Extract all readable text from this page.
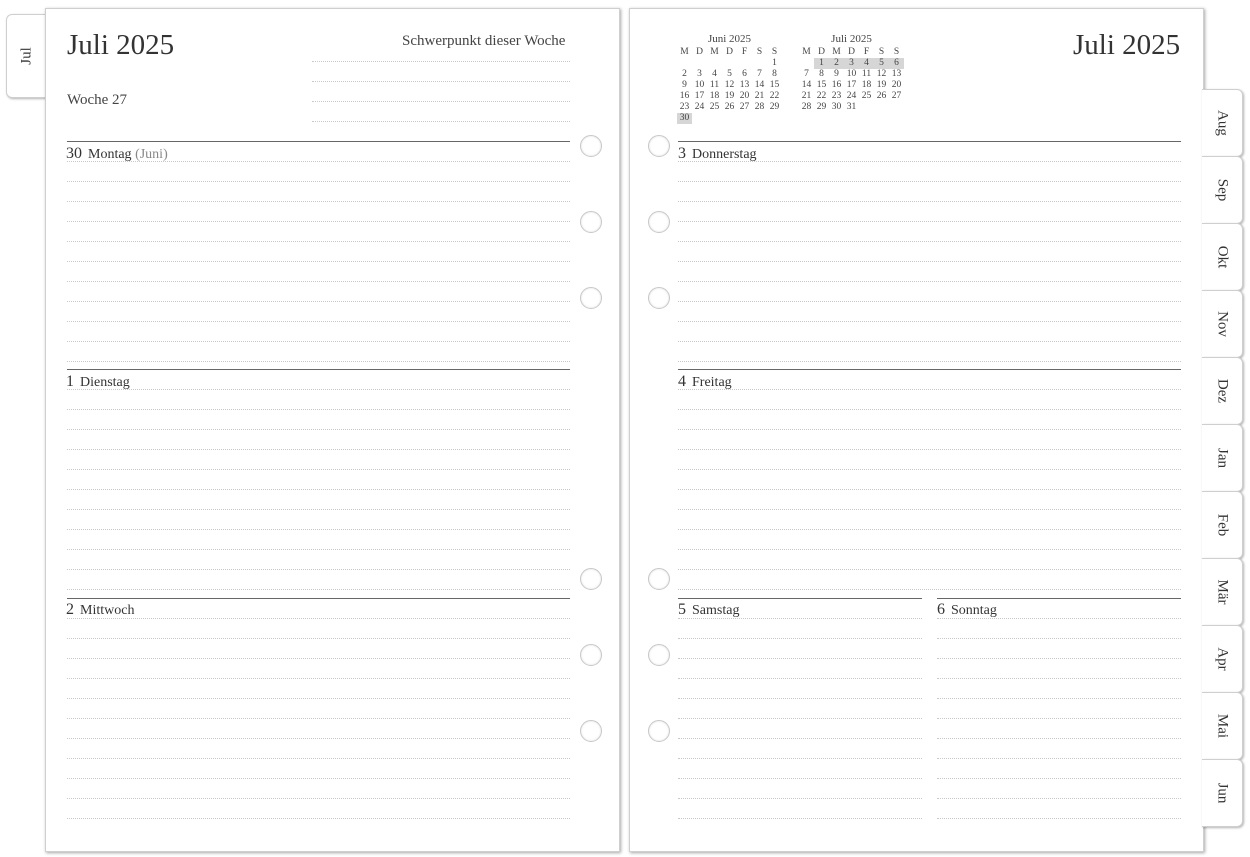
Jul Juli 2025
Woche 27
Schwerpunkt dieser Woche
30 Montag (Juni)
1 Dienstag
2 Mittwoch
Juli 2025
Juni 2025
M	D	M	D	F	S	S
						1
2	3	4	5	6	7	8
9	10	11	12	13	14	15
16	17	18	19	20	21	22
23	24	25	26	27	28	29
30						
Juli 2025
M	D	M	D	F	S	S
	1	2	3	4	5	6
7	8	9	10	11	12	13
14	15	16	17	18	19	20
21	22	23	24	25	26	27
28	29	30	31			
3 Donnerstag
4 Freitag
5 Samstag	6 Sonntag
Aug
Sep
Okt
Nov
Dez
Jan
Feb
Mär
Apr
Mai
Jun
